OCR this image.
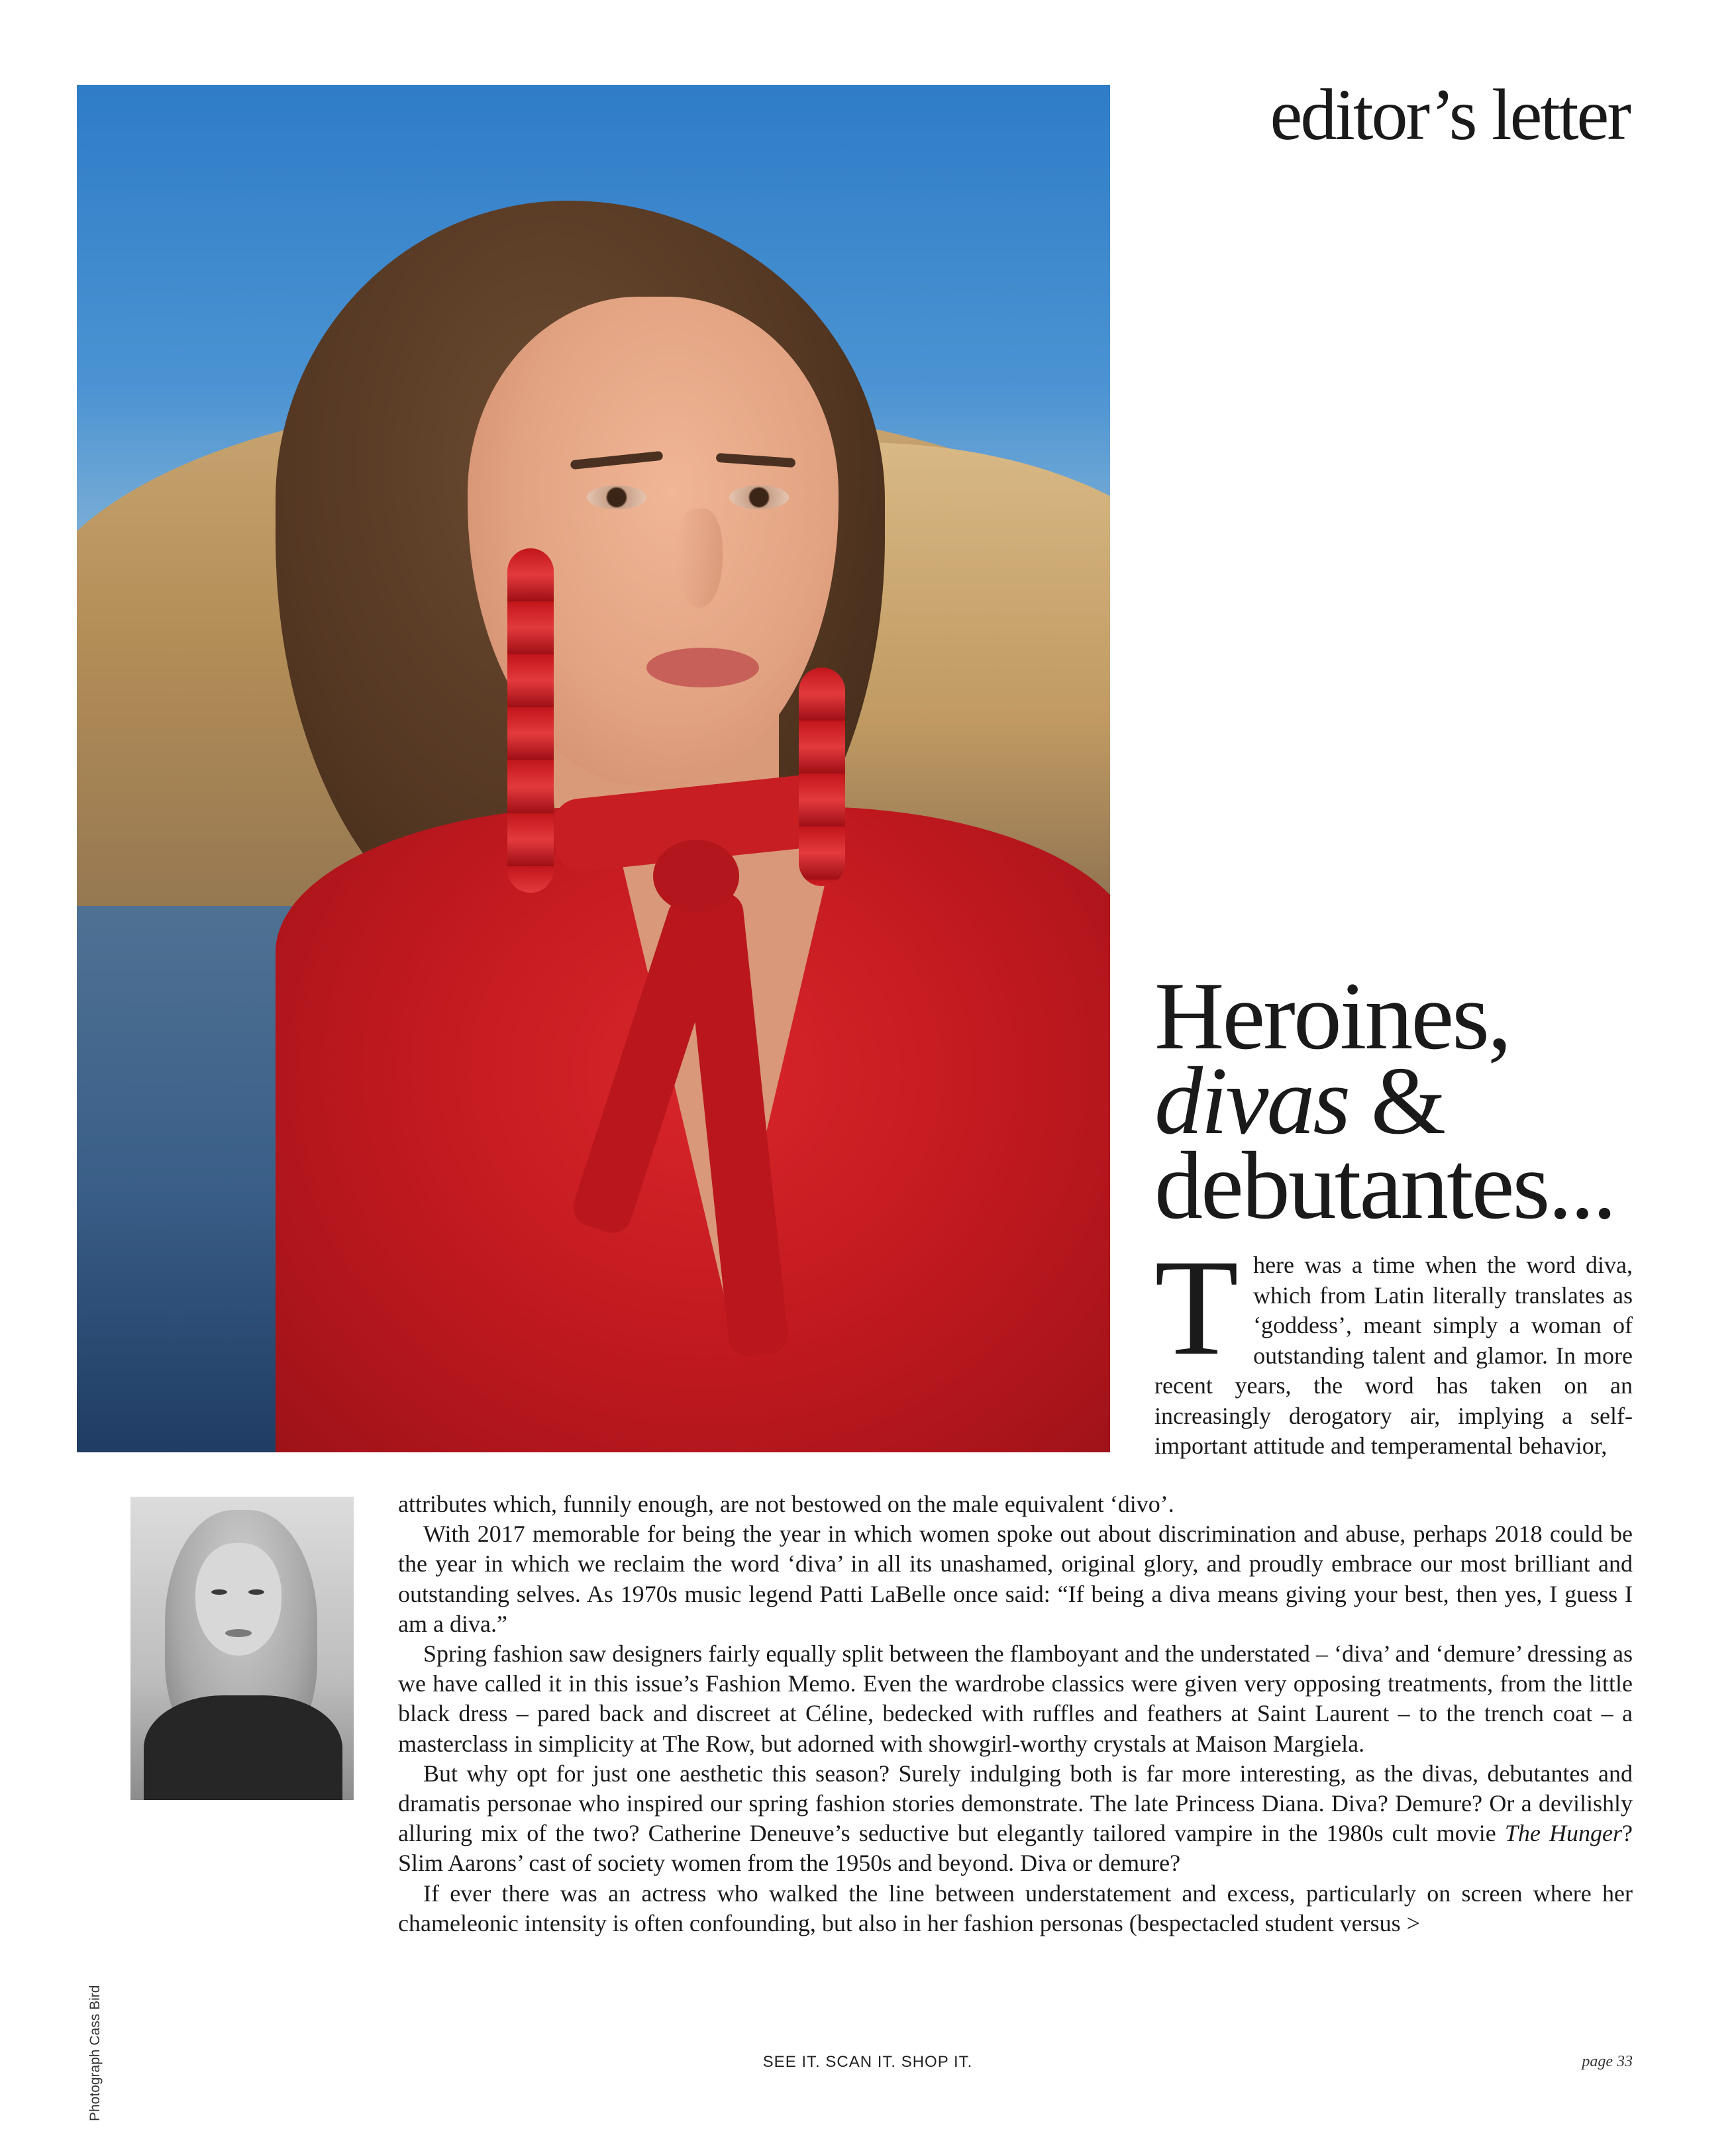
editor’s letter
Heroines,
divas &
debutantes...

There was a time when the word diva, which from Latin literally translates as ‘goddess’, meant simply a woman of outstanding talent and glamor. In more recent years, the word has taken on an increasingly derogatory air, implying a self-important attitude and temperamental behavior,

Photograph Cass Bird

attributes which, funnily enough, are not bestowed on the male equivalent ‘divo’.

With 2017 memorable for being the year in which women spoke out about discrimination and abuse, perhaps 2018 could be the year in which we reclaim the word ‘diva’ in all its unashamed, original glory, and proudly embrace our most brilliant and outstanding selves. As 1970s music legend Patti LaBelle once said: “If being a diva means giving your best, then yes, I guess I am a diva.”

Spring fashion saw designers fairly equally split between the flamboyant and the understated – ‘diva’ and ‘demure’ dressing as we have called it in this issue’s Fashion Memo. Even the wardrobe classics were given very opposing treatments, from the little black dress – pared back and discreet at Céline, bedecked with ruffles and feathers at Saint Laurent – to the trench coat – a masterclass in simplicity at The Row, but adorned with showgirl-worthy crystals at Maison Margiela.

But why opt for just one aesthetic this season? Surely indulging both is far more interesting, as the divas, debutantes and dramatis personae who inspired our spring fashion stories demonstrate. The late Princess Diana. Diva? Demure? Or a devilishly alluring mix of the two? Catherine Deneuve’s seductive but elegantly tailored vampire in the 1980s cult movie The Hunger? Slim Aarons’ cast of society women from the 1950s and beyond. Diva or demure?

If ever there was an actress who walked the line between understatement and excess, particularly on screen where her chameleonic intensity is often confounding, but also in her fashion personas (bespectacled student versus >

SEE IT. SCAN IT. SHOP IT.	page 33
